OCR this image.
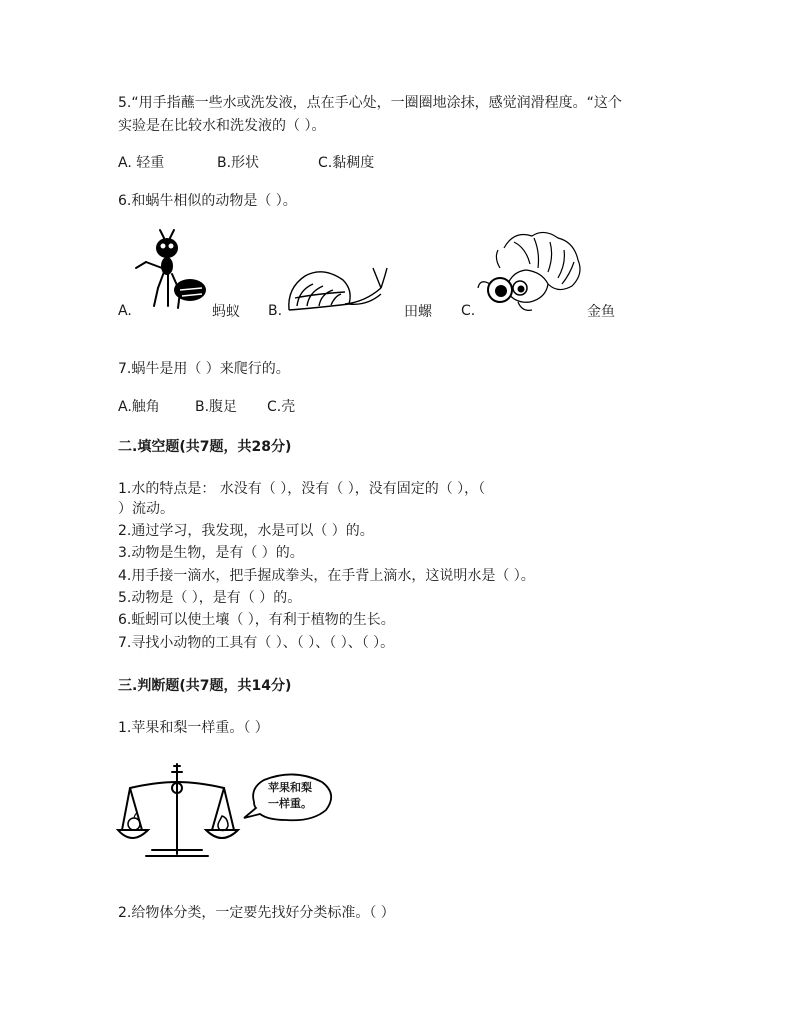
5.“用手指蘸一些水或洗发液，点在手心处，一圈圈地涂抹，感觉润滑程度。“这个
实验是在比较水和洗发液的（ ）。
A. 轻重	B.形状	C.黏稠度
6.和蜗牛相似的动物是（ ）。
A.	蚂蚁 B.	田螺 C.	金鱼
7.蜗牛是用（ ）来爬行的。
A.触角	B.腹足 C.壳
二.填空题(共7题，共28分)
1.水的特点是： 水没有（ ），没有（ ），没有固定的（ ），（
）流动。
2.通过学习，我发现，水是可以（ ）的。
3.动物是生物，是有（ ）的。
4.用手接一滴水，把手握成拳头，在手背上滴水，这说明水是（ ）。
5.动物是（ ），是有（ ）的。
6.蚯蚓可以使土壤（ ），有利于植物的生长。
7.寻找小动物的工具有（ ）、（ ）、（ ）、（ ）。
三.判断题(共7题，共14分)
1.苹果和梨一样重。（ ）
苹果和梨
一样重。
2.给物体分类，一定要先找好分类标准。（ ）
